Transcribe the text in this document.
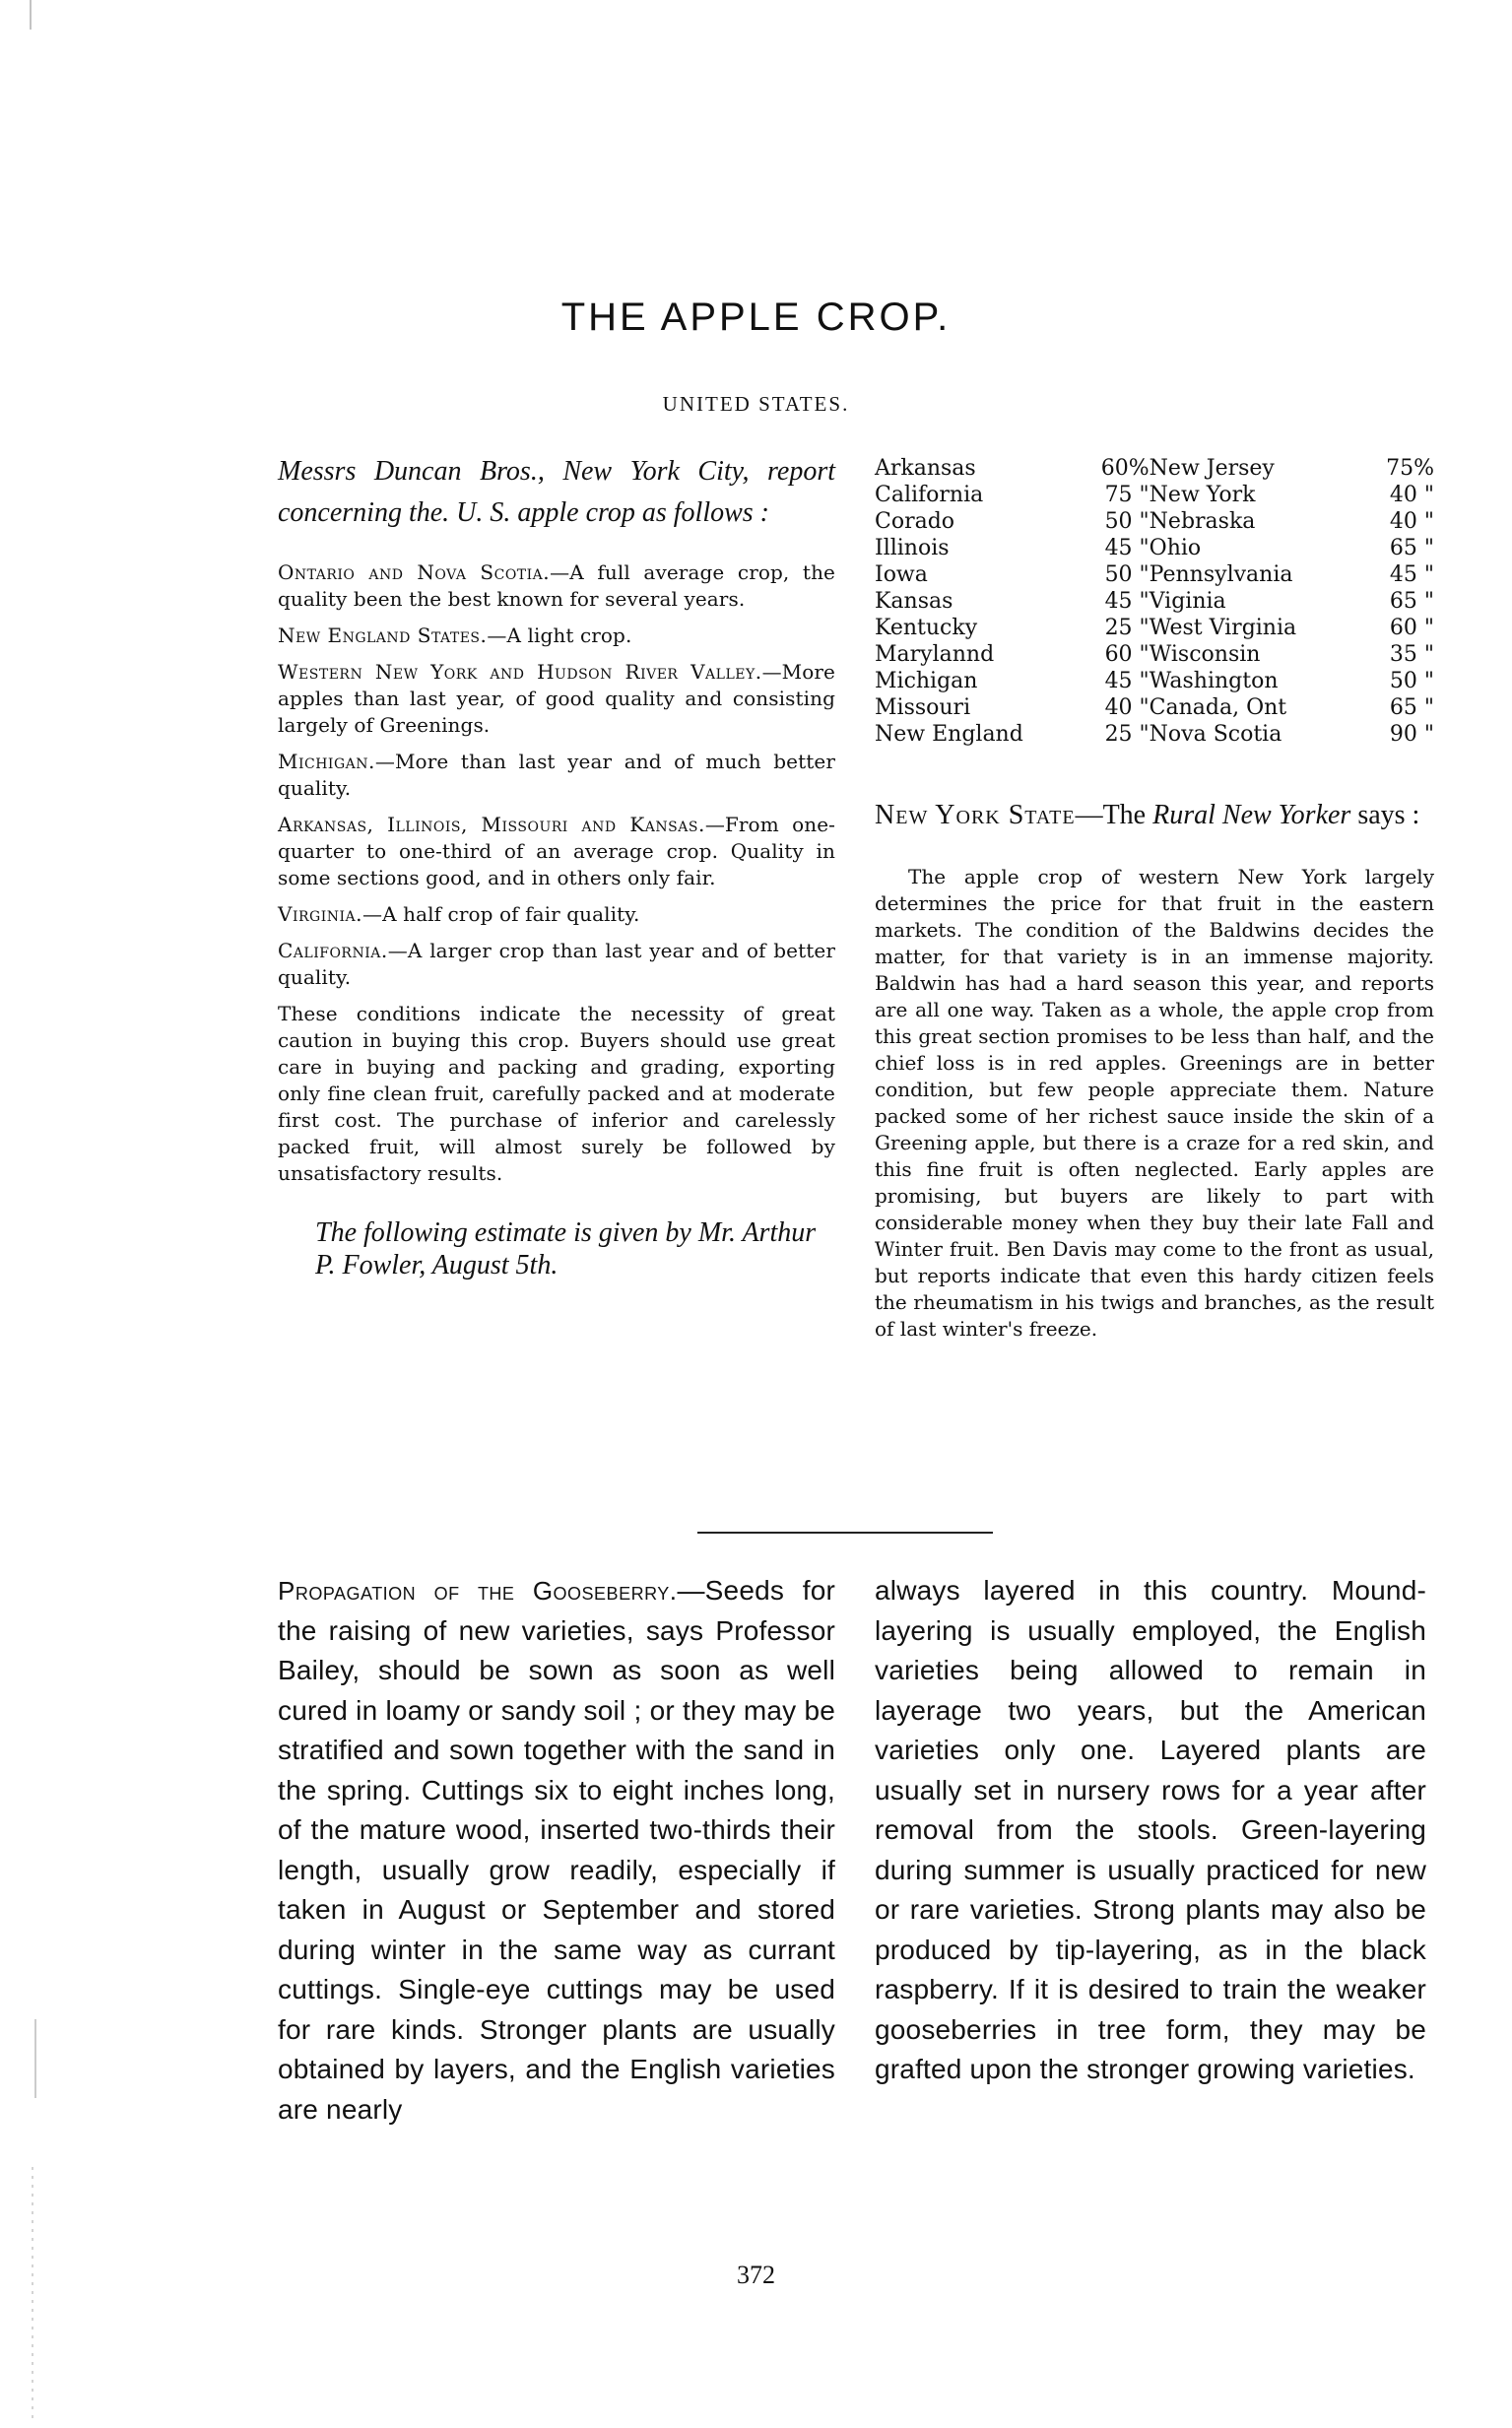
THE APPLE CROP.
UNITED STATES.

Messrs Duncan Bros., New York City, report concerning the. U. S. apple crop as follows :

Ontario and Nova Scotia.—A full average crop, the quality been the best known for several years.

New England States.—A light crop.

Western New York and Hudson River Valley.—More apples than last year, of good quality and consisting largely of Greenings.

Michigan.—More than last year and of much better quality.

Arkansas, Illinois, Missouri and Kansas.—From one-quarter to one-third of an average crop. Quality in some sections good, and in others only fair.

Virginia.—A half crop of fair quality.

California.—A larger crop than last year and of better quality.

These conditions indicate the necessity of great caution in buying this crop. Buyers should use great care in buying and packing and grading, exporting only fine clean fruit, carefully packed and at moderate first cost. The purchase of inferior and carelessly packed fruit, will almost surely be followed by unsatisfactory results.

The following estimate is given by Mr. Arthur P. Fowler, August 5th.

Arkansas	60%	New Jersey	75%
California	75 "	New York	40 "
Corado	50 "	Nebraska	40 "
Illinois	45 "	Ohio	65 "
Iowa	50 "	Pennsylvania	45 "
Kansas	45 "	Viginia	65 "
Kentucky	25 "	West Virginia	60 "
Marylannd	60 "	Wisconsin	35 "
Michigan	45 "	Washington	50 "
Missouri	40 "	Canada, Ont	65 "
New England	25 "	Nova Scotia	90 "
New York State—The Rural New Yorker says :

The apple crop of western New York largely determines the price for that fruit in the eastern markets. The condition of the Baldwins decides the matter, for that variety is in an immense majority. Baldwin has had a hard season this year, and reports are all one way. Taken as a whole, the apple crop from this great section promises to be less than half, and the chief loss is in red apples. Greenings are in better condition, but few people appreciate them. Nature packed some of her richest sauce inside the skin of a Greening apple, but there is a craze for a red skin, and this fine fruit is often neglected. Early apples are promising, but buyers are likely to part with considerable money when they buy their late Fall and Winter fruit. Ben Davis may come to the front as usual, but reports indicate that even this hardy citizen feels the rheumatism in his twigs and branches, as the result of last winter's freeze.

Propagation of the Gooseberry.—Seeds for the raising of new varieties, says Professor Bailey, should be sown as soon as well cured in loamy or sandy soil ; or they may be stratified and sown together with the sand in the spring. Cuttings six to eight inches long, of the mature wood, inserted two-thirds their length, usually grow readily, especially if taken in August or September and stored during winter in the same way as currant cuttings. Single-eye cuttings may be used for rare kinds. Stronger plants are usually obtained by layers, and the English varieties are nearly

always layered in this country. Mound-layering is usually employed, the English varieties being allowed to remain in layerage two years, but the American varieties only one. Layered plants are usually set in nursery rows for a year after removal from the stools. Green-layering during summer is usually practiced for new or rare varieties. Strong plants may also be produced by tip-layering, as in the black raspberry. If it is desired to train the weaker gooseberries in tree form, they may be grafted upon the stronger growing varieties.

372
